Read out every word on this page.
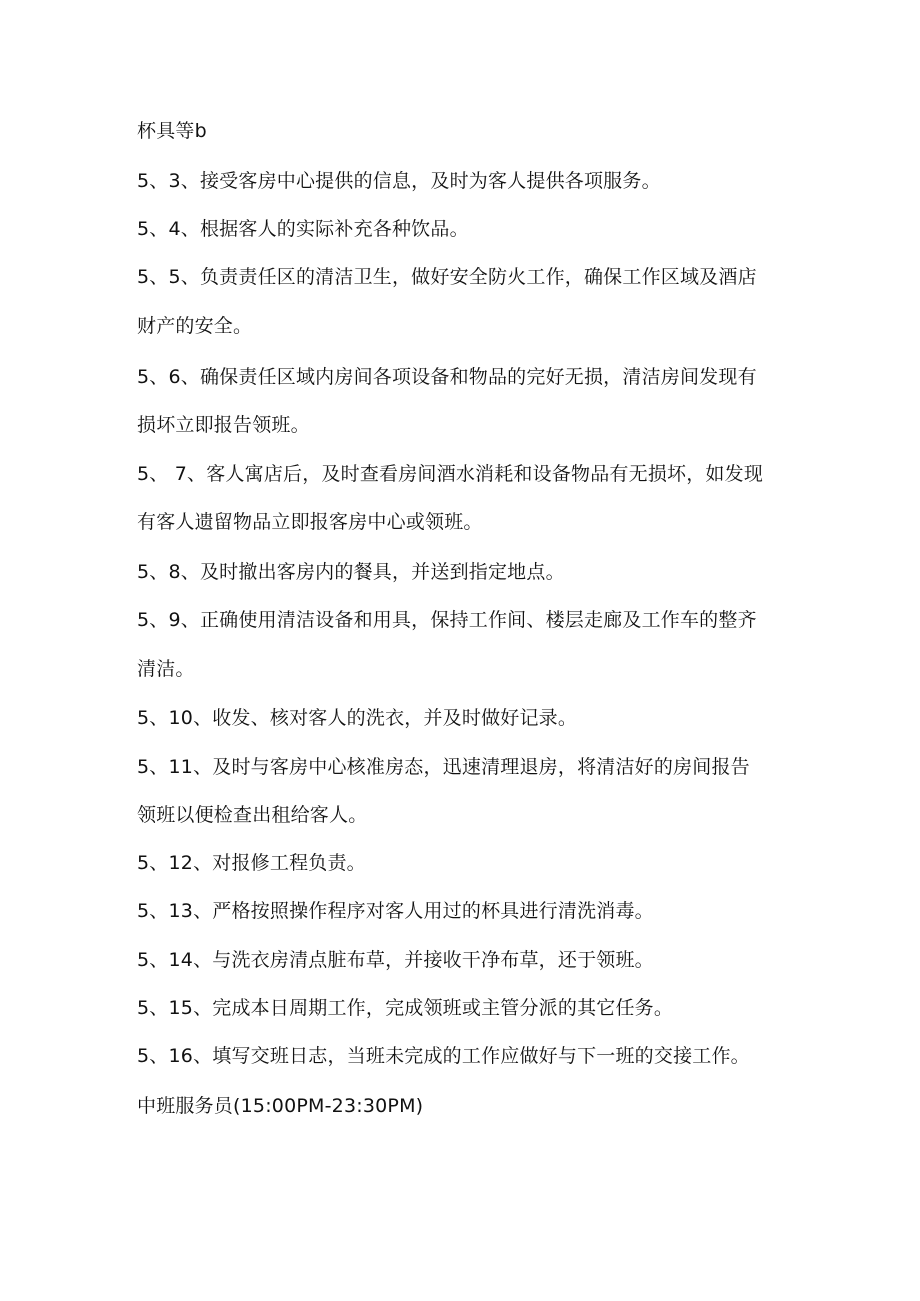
杯具等b
5、3、接受客房中心提供的信息，及时为客人提供各项服务。
5、4、根据客人的实际补充各种饮品。
5、5、负责责任区的清洁卫生，做好安全防火工作，确保工作区域及酒店
财产的安全。
5、6、确保责任区域内房间各项设备和物品的完好无损，清洁房间发现有
损坏立即报告领班。
5、 7、客人寓店后，及时查看房间酒水消耗和设备物品有无损坏，如发现
有客人遗留物品立即报客房中心或领班。
5、8、及时撤出客房内的餐具，并送到指定地点。
5、9、正确使用清洁设备和用具，保持工作间、楼层走廊及工作车的整齐
清洁。
5、10、收发、核对客人的洗衣，并及时做好记录。
5、11、及时与客房中心核准房态，迅速清理退房，将清洁好的房间报告
领班以便检查出租给客人。
5、12、对报修工程负责。
5、13、严格按照操作程序对客人用过的杯具进行清洗消毒。
5、14、与洗衣房清点脏布草，并接收干净布草，还于领班。
5、15、完成本日周期工作，完成领班或主管分派的其它任务。
5、16、填写交班日志，当班未完成的工作应做好与下一班的交接工作。
中班服务员(15:00PM-23:30PM)
